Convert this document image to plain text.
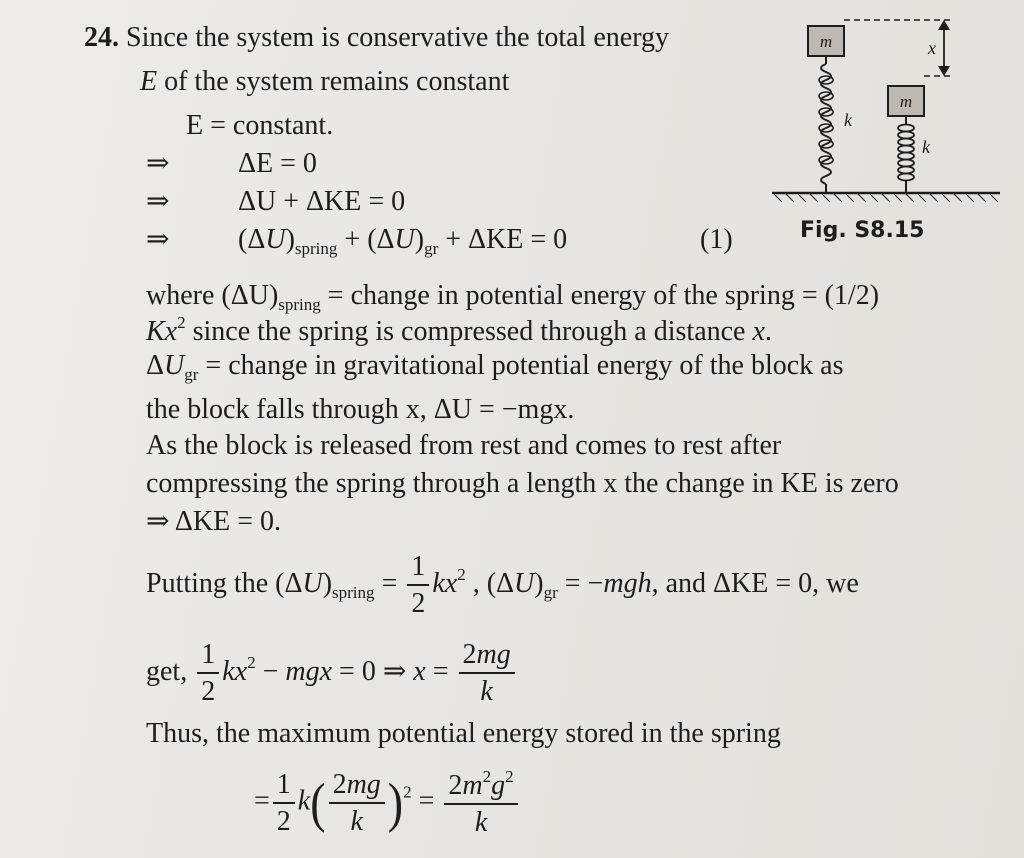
m
k
m
k
x
Fig. S8.15
24. Since the system is conservative the total energy
E of the system remains constant
E = constant.
⇒ ΔE = 0
⇒ ΔU + ΔKE = 0
⇒ $(\Delta U)_{spring} + (\Delta U)_{gr} + \Delta KE = 0$	(1)
where $(\Delta U)_{spring}$ = change in potential energy of the spring = (1/2)
Kx$^2$ since the spring is compressed through a distance x.
$\Delta U_{gr}$ = change in gravitational potential energy of the block as
the block falls through x, ΔU = −mgx.
As the block is released from rest and comes to rest after
compressing the spring through a length x the change in KE is zero
⇒ ΔKE = 0.
Putting the $(\Delta U)_{spring} = \frac{1}{2} kx^2$ , $(\Delta U)_{gr} = -mgh$, and ΔKE = 0, we
get, $\frac{1}{2} kx^2$ − mgx = 0 ⇒ $x = \frac{2mg}{k}$
Thus, the maximum potential energy stored in the spring
= $\frac{1}{2} k( \frac{2mg}{k} )^2 = \frac{2m^2g^2}{k}$
